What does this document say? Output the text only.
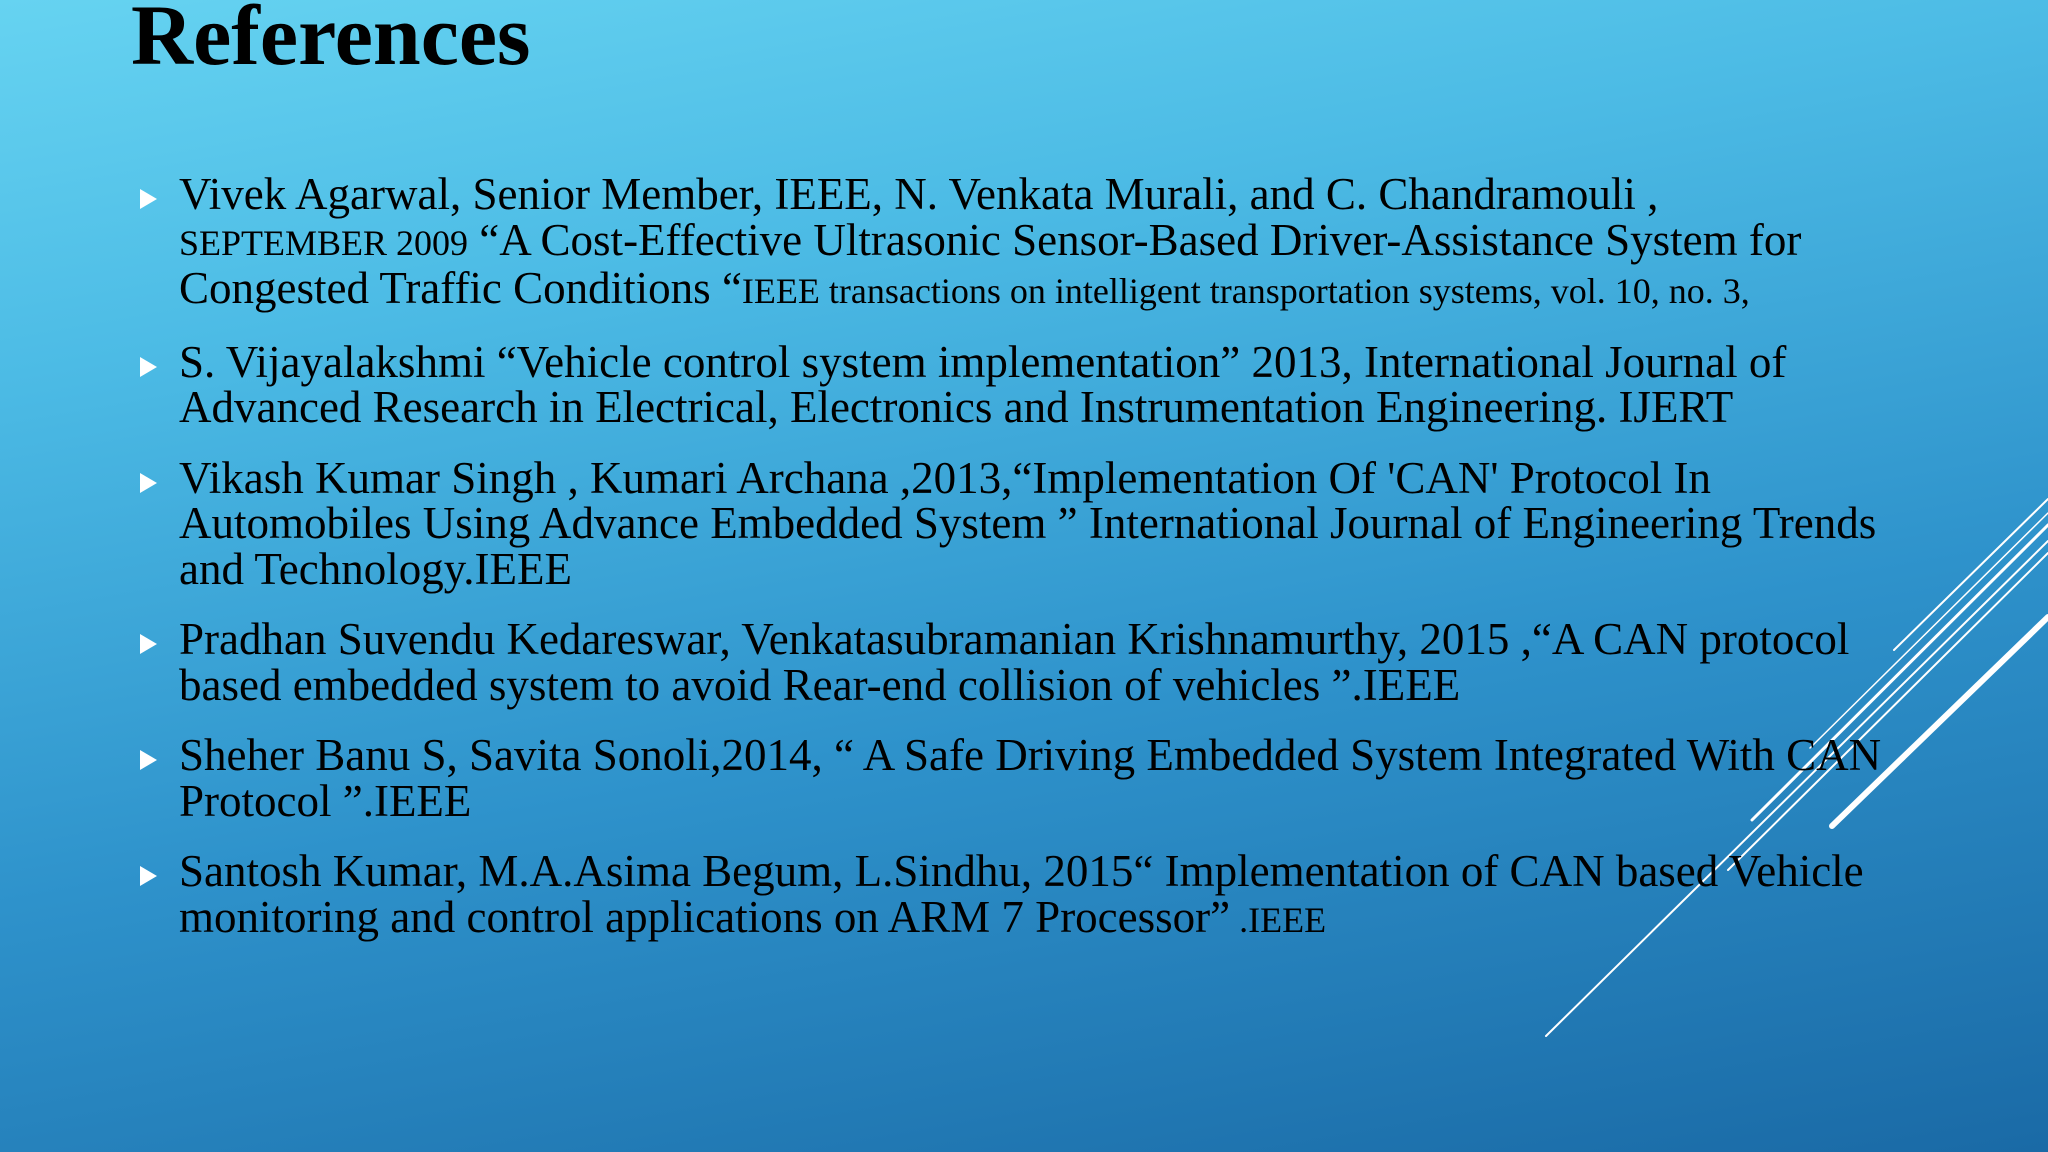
References
Vivek Agarwal, Senior Member, IEEE, N. Venkata Murali, and C. Chandramouli ,
SEPTEMBER 2009 “A Cost-Effective Ultrasonic Sensor-Based Driver-Assistance System for Congested Traffic Conditions “IEEE transactions on intelligent transportation systems, vol. 10, no. 3,
S. Vijayalakshmi “Vehicle control system implementation” 2013, International Journal of Advanced Research in Electrical, Electronics and Instrumentation Engineering. IJERT
Vikash Kumar Singh , Kumari Archana ,2013,“Implementation Of 'CAN' Protocol In Automobiles Using Advance Embedded System ” International Journal of Engineering Trends and Technology.IEEE
Pradhan Suvendu Kedareswar, Venkatasubramanian Krishnamurthy, 2015 ,“A CAN protocol based embedded system to avoid Rear-end collision of vehicles ”.IEEE
Sheher Banu S, Savita Sonoli,2014, “ A Safe Driving Embedded System Integrated With CAN Protocol ”.IEEE
Santosh Kumar, M.A.Asima Begum, L.Sindhu, 2015“ Implementation of CAN based Vehicle monitoring and control applications on ARM 7 Processor” .IEEE
